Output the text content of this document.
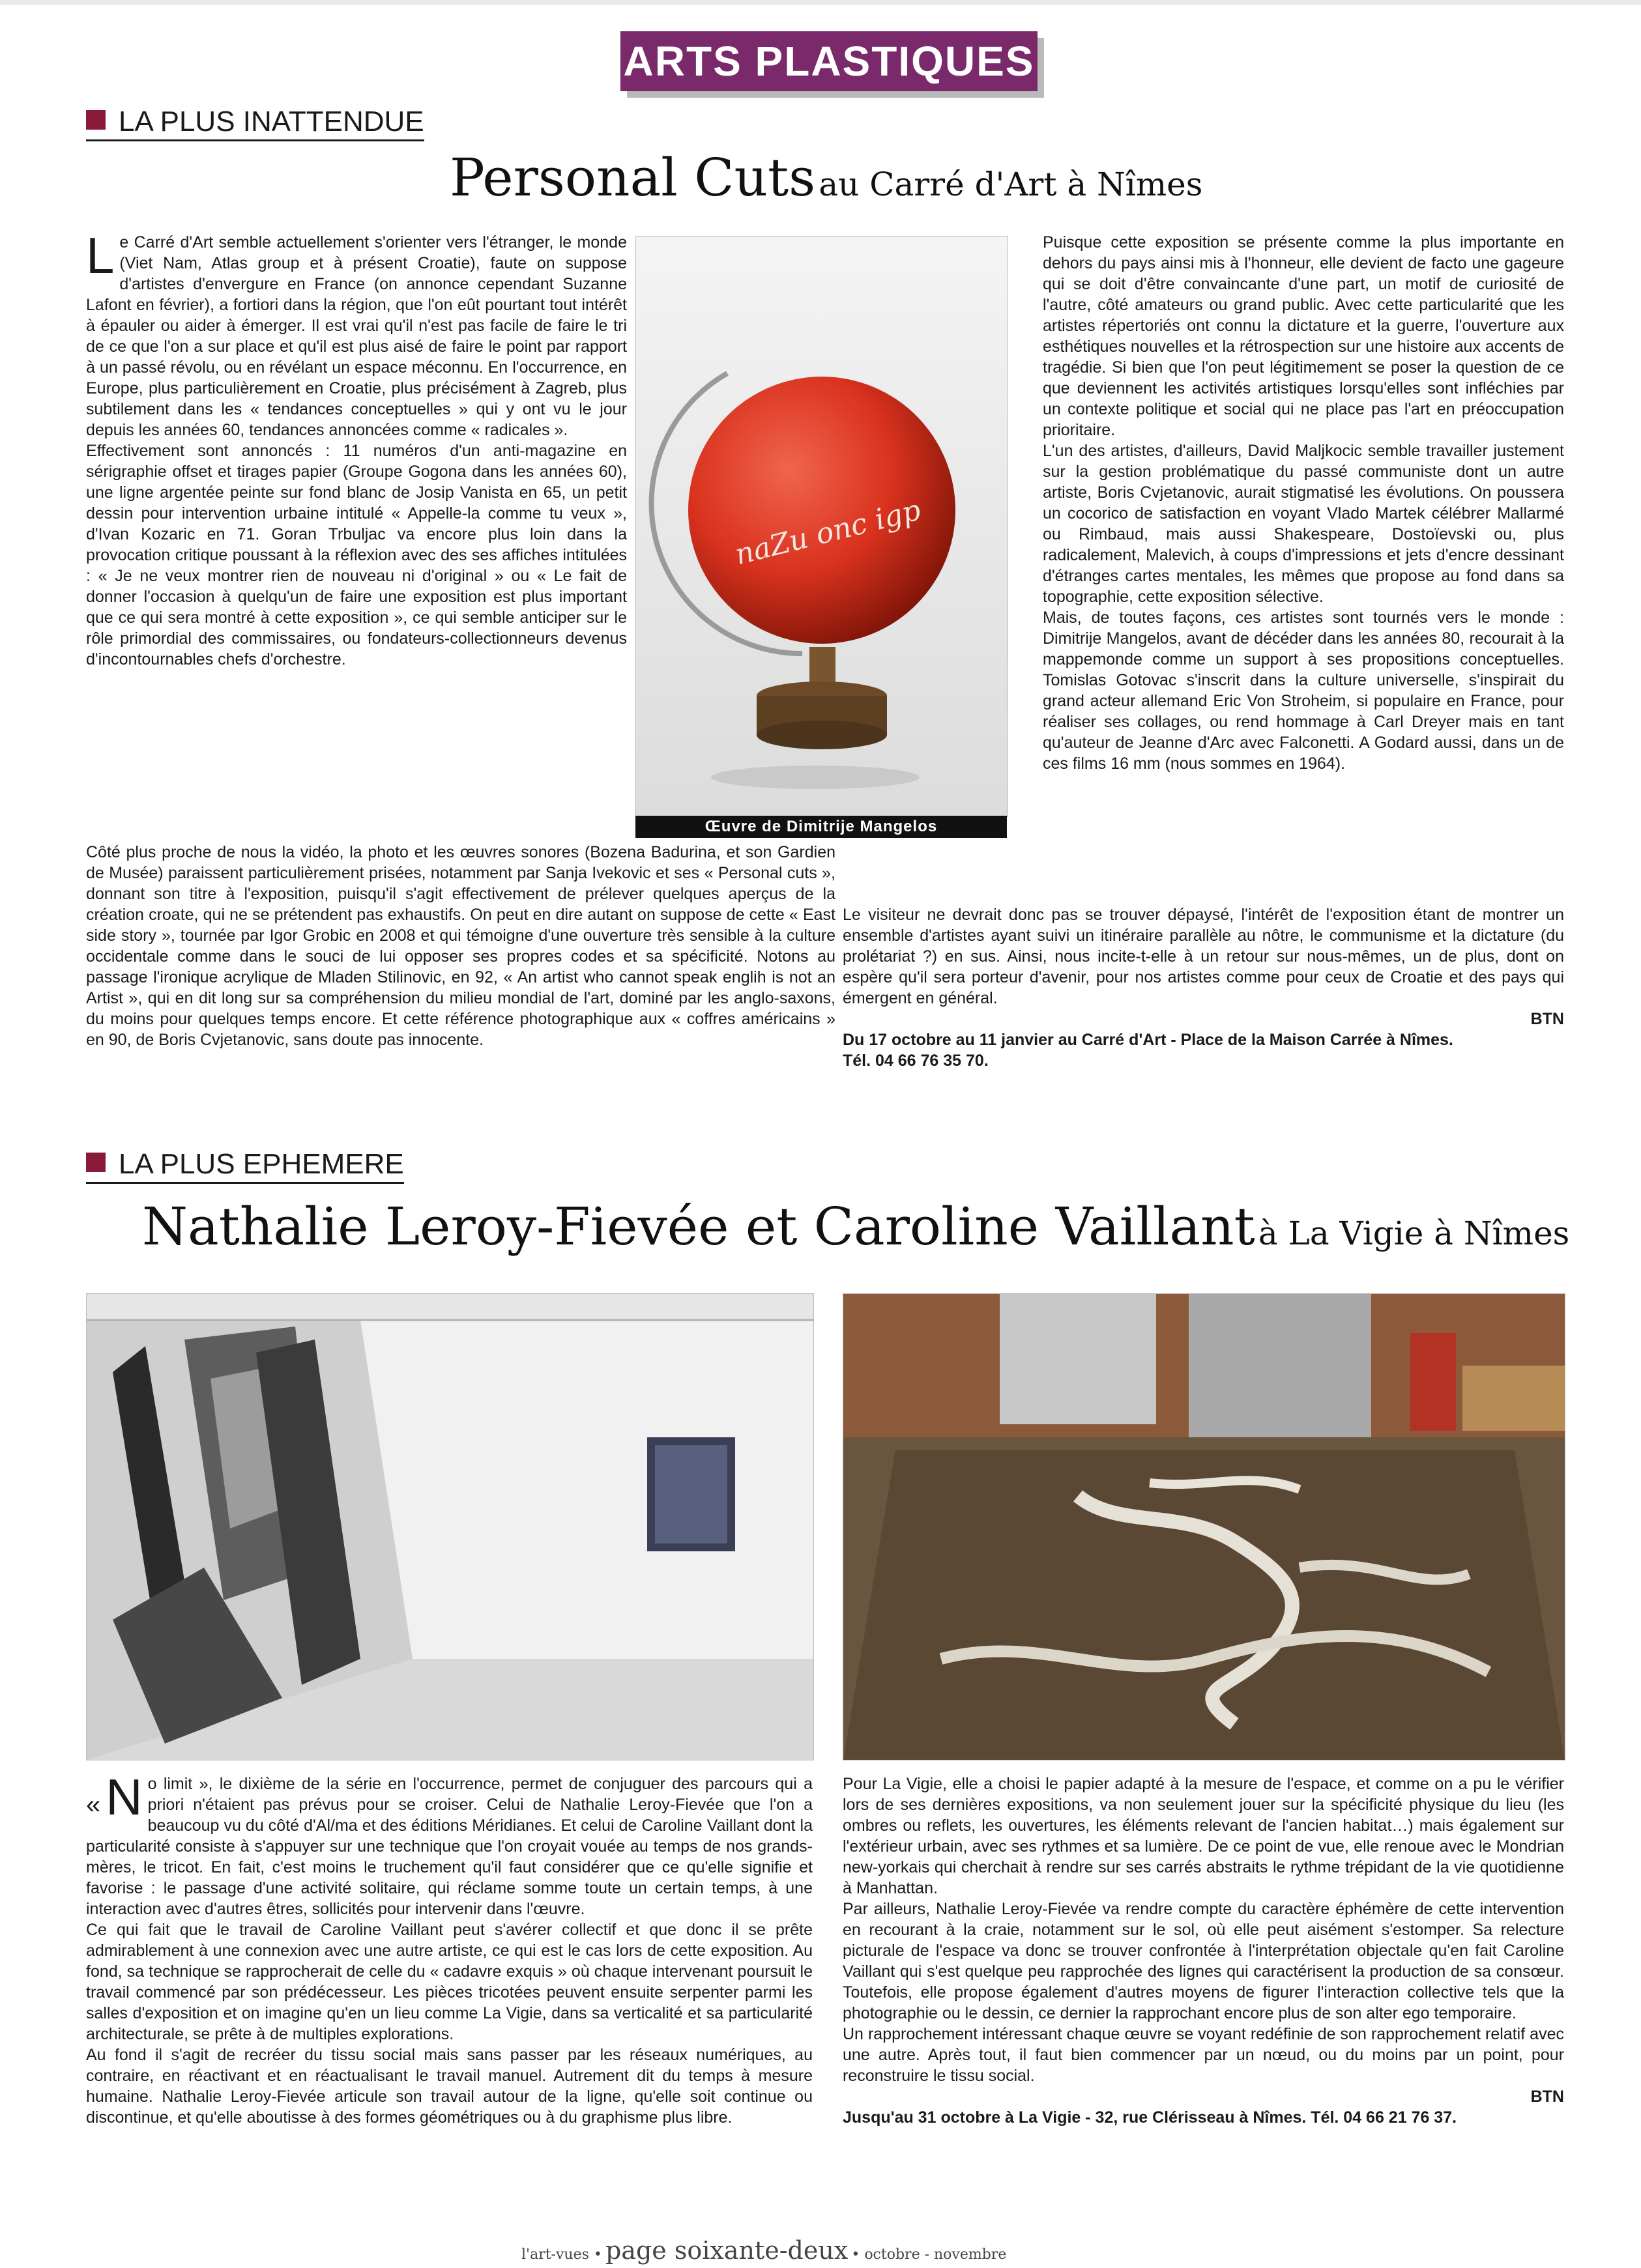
ARTS PLASTIQUES
LA PLUS INATTENDUE
Personal Cuts au Carré d'Art à Nîmes

Le Carré d'Art semble actuellement s'orienter vers l'étranger, le monde (Viet Nam, Atlas group et à présent Croatie), faute on suppose d'artistes d'envergure en France (on annonce cependant Suzanne Lafont en février), a fortiori dans la région, que l'on eût pourtant tout intérêt à épauler ou aider à émerger. Il est vrai qu'il n'est pas facile de faire le tri de ce que l'on a sur place et qu'il est plus aisé de faire le point par rapport à un passé révolu, ou en révélant un espace méconnu. En l'occurrence, en Europe, plus particulièrement en Croatie, plus précisément à Zagreb, plus subtilement dans les « tendances conceptuelles » qui y ont vu le jour depuis les années 60, tendances annoncées comme « radicales ».

Effectivement sont annoncés : 11 numéros d'un anti-magazine en sérigraphie offset et tirages papier (Groupe Gogona dans les années 60), une ligne argentée peinte sur fond blanc de Josip Vanista en 65, un petit dessin pour intervention urbaine intitulé « Appelle-la comme tu veux », d'Ivan Kozaric en 71. Goran Trbuljac va encore plus loin dans la provocation critique poussant à la réflexion avec des ses affiches intitulées : « Je ne veux montrer rien de nouveau ni d'original » ou « Le fait de donner l'occasion à quelqu'un de faire une exposition est plus important que ce qui sera montré à cette exposition », ce qui semble anticiper sur le rôle primordial des commissaires, ou fondateurs-collectionneurs devenus d'incontournables chefs d'orchestre.

Côté plus proche de nous la vidéo, la photo et les œuvres sonores (Bozena Badurina, et son Gardien de Musée) paraissent particulièrement prisées, notamment par Sanja Ivekovic et ses « Personal cuts », donnant son titre à l'exposition, puisqu'il s'agit effectivement de prélever quelques aperçus de la création croate, qui ne se prétendent pas exhaustifs. On peut en dire autant on suppose de cette « East side story », tournée par Igor Grobic en 2008 et qui témoigne d'une ouverture très sensible à la culture occidentale comme dans le souci de lui opposer ses propres codes et sa spécificité. Notons au passage l'ironique acrylique de Mladen Stilinovic, en 92, « An artist who cannot speak englih is not an Artist », qui en dit long sur sa compréhension du milieu mondial de l'art, dominé par les anglo-saxons, du moins pour quelques temps encore. Et cette référence photographique aux « coffres américains » en 90, de Boris Cvjetanovic, sans doute pas innocente.

naZu onc igp
Œuvre de Dimitrije Mangelos

Puisque cette exposition se présente comme la plus importante en dehors du pays ainsi mis à l'honneur, elle devient de facto une gageure qui se doit d'être convaincante d'une part, un motif de curiosité de l'autre, côté amateurs ou grand public. Avec cette particularité que les artistes répertoriés ont connu la dictature et la guerre, l'ouverture aux esthétiques nouvelles et la rétrospection sur une histoire aux accents de tragédie. Si bien que l'on peut légitimement se poser la question de ce que deviennent les activités artistiques lorsqu'elles sont infléchies par un contexte politique et social qui ne place pas l'art en préoccupation prioritaire.

L'un des artistes, d'ailleurs, David Maljkocic semble travailler justement sur la gestion problématique du passé communiste dont un autre artiste, Boris Cvjetanovic, aurait stigmatisé les évolutions. On poussera un cocorico de satisfaction en voyant Vlado Martek célébrer Mallarmé ou Rimbaud, mais aussi Shakespeare, Dostoïevski ou, plus radicalement, Malevich, à coups d'impressions et jets d'encre dessinant d'étranges cartes mentales, les mêmes que propose au fond dans sa topographie, cette exposition sélective.

Mais, de toutes façons, ces artistes sont tournés vers le monde : Dimitrije Mangelos, avant de décéder dans les années 80, recourait à la mappemonde comme un support à ses propositions conceptuelles. Tomislas Gotovac s'inscrit dans la culture universelle, s'inspirait du grand acteur allemand Eric Von Stroheim, si populaire en France, pour réaliser ses collages, ou rend hommage à Carl Dreyer mais en tant qu'auteur de Jeanne d'Arc avec Falconetti. A Godard aussi, dans un de ces films 16 mm (nous sommes en 1964).

Le visiteur ne devrait donc pas se trouver dépaysé, l'intérêt de l'exposition étant de montrer un ensemble d'artistes ayant suivi un itinéraire parallèle au nôtre, le communisme et la dictature (du prolétariat ?) en sus. Ainsi, nous incite-t-elle à un retour sur nous-mêmes, un de plus, dont on espère qu'il sera porteur d'avenir, pour nos artistes comme pour ceux de Croatie et des pays qui émergent en général.

BTN

Du 17 octobre au 11 janvier au Carré d'Art - Place de la Maison Carrée à Nîmes.

Tél. 04 66 76 35 70.

LA PLUS EPHEMERE
Nathalie Leroy-Fievée et Caroline Vaillant à La Vigie à Nîmes

« N o limit », le dixième de la série en l'occurrence, permet de conjuguer des parcours qui a priori n'étaient pas prévus pour se croiser. Celui de Nathalie Leroy-Fievée que l'on a beaucoup vu du côté d'Al/ma et des éditions Méridianes. Et celui de Caroline Vaillant dont la particularité consiste à s'appuyer sur une technique que l'on croyait vouée au temps de nos grands-mères, le tricot. En fait, c'est moins le truchement qu'il faut considérer que ce qu'elle signifie et favorise : le passage d'une activité solitaire, qui réclame somme toute un certain temps, à une interaction avec d'autres êtres, sollicités pour intervenir dans l'œuvre.

Ce qui fait que le travail de Caroline Vaillant peut s'avérer collectif et que donc il se prête admirablement à une connexion avec une autre artiste, ce qui est le cas lors de cette exposition. Au fond, sa technique se rapprocherait de celle du « cadavre exquis » où chaque intervenant poursuit le travail commencé par son prédécesseur. Les pièces tricotées peuvent ensuite serpenter parmi les salles d'exposition et on imagine qu'en un lieu comme La Vigie, dans sa verticalité et sa particularité architecturale, se prête à de multiples explorations.

Au fond il s'agit de recréer du tissu social mais sans passer par les réseaux numériques, au contraire, en réactivant et en réactualisant le travail manuel. Autrement dit du temps à mesure humaine. Nathalie Leroy-Fievée articule son travail autour de la ligne, qu'elle soit continue ou discontinue, et qu'elle aboutisse à des formes géométriques ou à du graphisme plus libre.

Pour La Vigie, elle a choisi le papier adapté à la mesure de l'espace, et comme on a pu le vérifier lors de ses dernières expositions, va non seulement jouer sur la spécificité physique du lieu (les ombres ou reflets, les ouvertures, les éléments relevant de l'ancien habitat…) mais également sur l'extérieur urbain, avec ses rythmes et sa lumière. De ce point de vue, elle renoue avec le Mondrian new-yorkais qui cherchait à rendre sur ses carrés abstraits le rythme trépidant de la vie quotidienne à Manhattan.

Par ailleurs, Nathalie Leroy-Fievée va rendre compte du caractère éphémère de cette intervention en recourant à la craie, notamment sur le sol, où elle peut aisément s'estomper. Sa relecture picturale de l'espace va donc se trouver confrontée à l'interprétation objectale qu'en fait Caroline Vaillant qui s'est quelque peu rapprochée des lignes qui caractérisent la production de sa consœur. Toutefois, elle propose également d'autres moyens de figurer l'interaction collective tels que la photographie ou le dessin, ce dernier la rapprochant encore plus de son alter ego temporaire.

Un rapprochement intéressant chaque œuvre se voyant redéfinie de son rapprochement relatif avec une autre. Après tout, il faut bien commencer par un nœud, ou du moins par un point, pour reconstruire le tissu social.

BTN

Jusqu'au 31 octobre à La Vigie - 32, rue Clérisseau à Nîmes. Tél. 04 66 21 76 37.

l'art-vues • page soixante-deux • octobre - novembre
